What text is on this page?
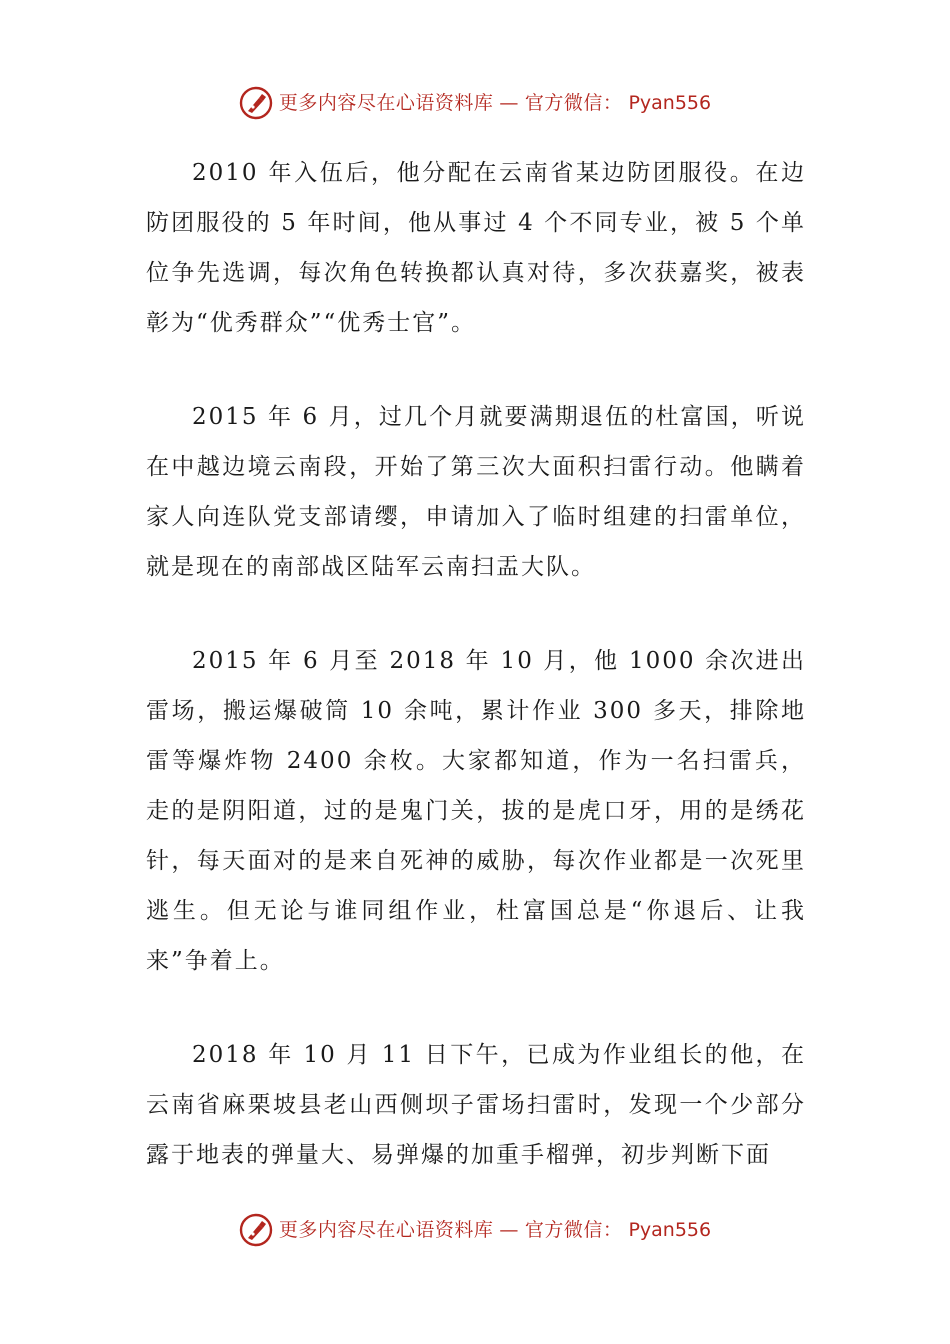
更多内容尽在心语资料库 — 官方微信： Pyan556

2010 年入伍后，他分配在云南省某边防团服役。在边防团服役的 5 年时间，他从事过 4 个不同专业，被 5 个单位争先选调，每次角色转换都认真对待，多次获嘉奖，被表彰为“优秀群众”“优秀士官”。

2015 年 6 月，过几个月就要满期退伍的杜富国，听说在中越边境云南段，开始了第三次大面积扫雷行动。他瞒着家人向连队党支部请缨，申请加入了临时组建的扫雷单位，就是现在的南部战区陆军云南扫盂大队。

2015 年 6 月至 2018 年 10 月，他 1000 余次进出雷场，搬运爆破筒 10 余吨，累计作业 300 多天，排除地雷等爆炸物 2400 余枚。大家都知道，作为一名扫雷兵，走的是阴阳道，过的是鬼门关，拔的是虎口牙，用的是绣花针，每天面对的是来自死神的威胁，每次作业都是一次死里逃生。但无论与谁同组作业，杜富国总是“你退后、让我来”争着上。

2018 年 10 月 11 日下午，已成为作业组长的他，在云南省麻栗坡县老山西侧坝子雷场扫雷时，发现一个少部分露于地表的弹量大、易弹爆的加重手榴弹，初步判断下面

更多内容尽在心语资料库 — 官方微信： Pyan556
